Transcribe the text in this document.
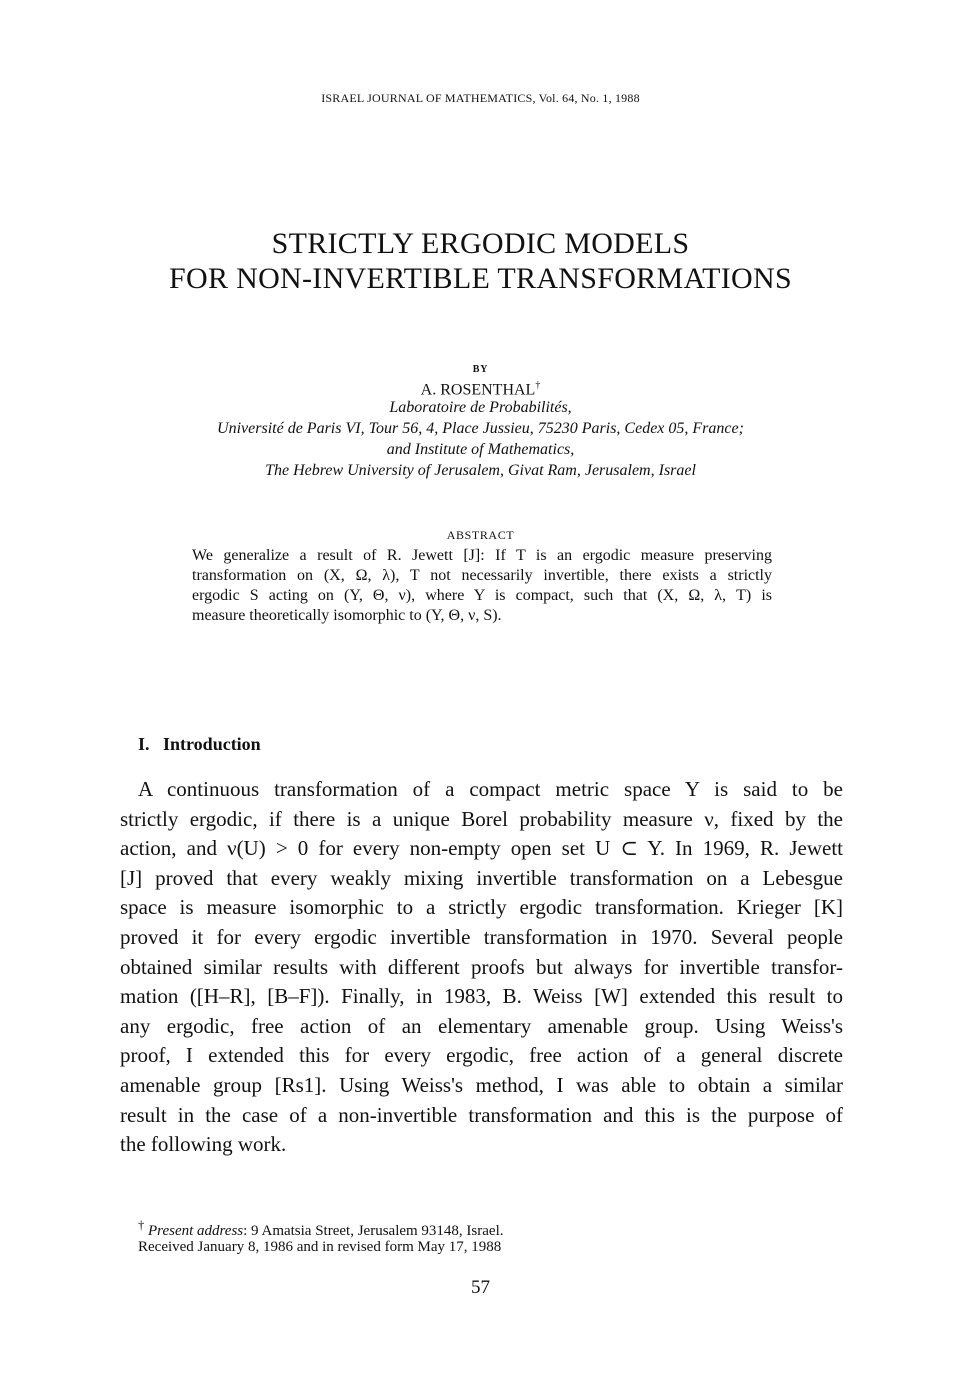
ISRAEL JOURNAL OF MATHEMATICS, Vol. 64, No. 1, 1988
STRICTLY ERGODIC MODELS
FOR NON-INVERTIBLE TRANSFORMATIONS
BY
A. ROSENTHAL†
Laboratoire de Probabilités,
Université de Paris VI, Tour 56, 4, Place Jussieu, 75230 Paris, Cedex 05, France;
and Institute of Mathematics,
The Hebrew University of Jerusalem, Givat Ram, Jerusalem, Israel
ABSTRACT
We generalize a result of R. Jewett [J]: If T is an ergodic measure preserving
transformation on (X, Ω, λ), T not necessarily invertible, there exists a strictly
ergodic S acting on (Y, Θ, ν), where Y is compact, such that (X, Ω, λ, T) is
measure theoretically isomorphic to (Y, Θ, ν, S).
I.   Introduction
A continuous transformation of a compact metric space Y is said to be
strictly ergodic, if there is a unique Borel probability measure ν, fixed by the
action, and ν(U) > 0 for every non-empty open set U ⊂ Y. In 1969, R. Jewett
[J] proved that every weakly mixing invertible transformation on a Lebesgue
space is measure isomorphic to a strictly ergodic transformation. Krieger [K]
proved it for every ergodic invertible transformation in 1970. Several people
obtained similar results with different proofs but always for invertible transfor-
mation ([H–R], [B–F]). Finally, in 1983, B. Weiss [W] extended this result to
any ergodic, free action of an elementary amenable group. Using Weiss's
proof, I extended this for every ergodic, free action of a general discrete
amenable group [Rs1]. Using Weiss's method, I was able to obtain a similar
result in the case of a non-invertible transformation and this is the purpose of
the following work.
† Present address: 9 Amatsia Street, Jerusalem 93148, Israel.
Received January 8, 1986 and in revised form May 17, 1988
57
